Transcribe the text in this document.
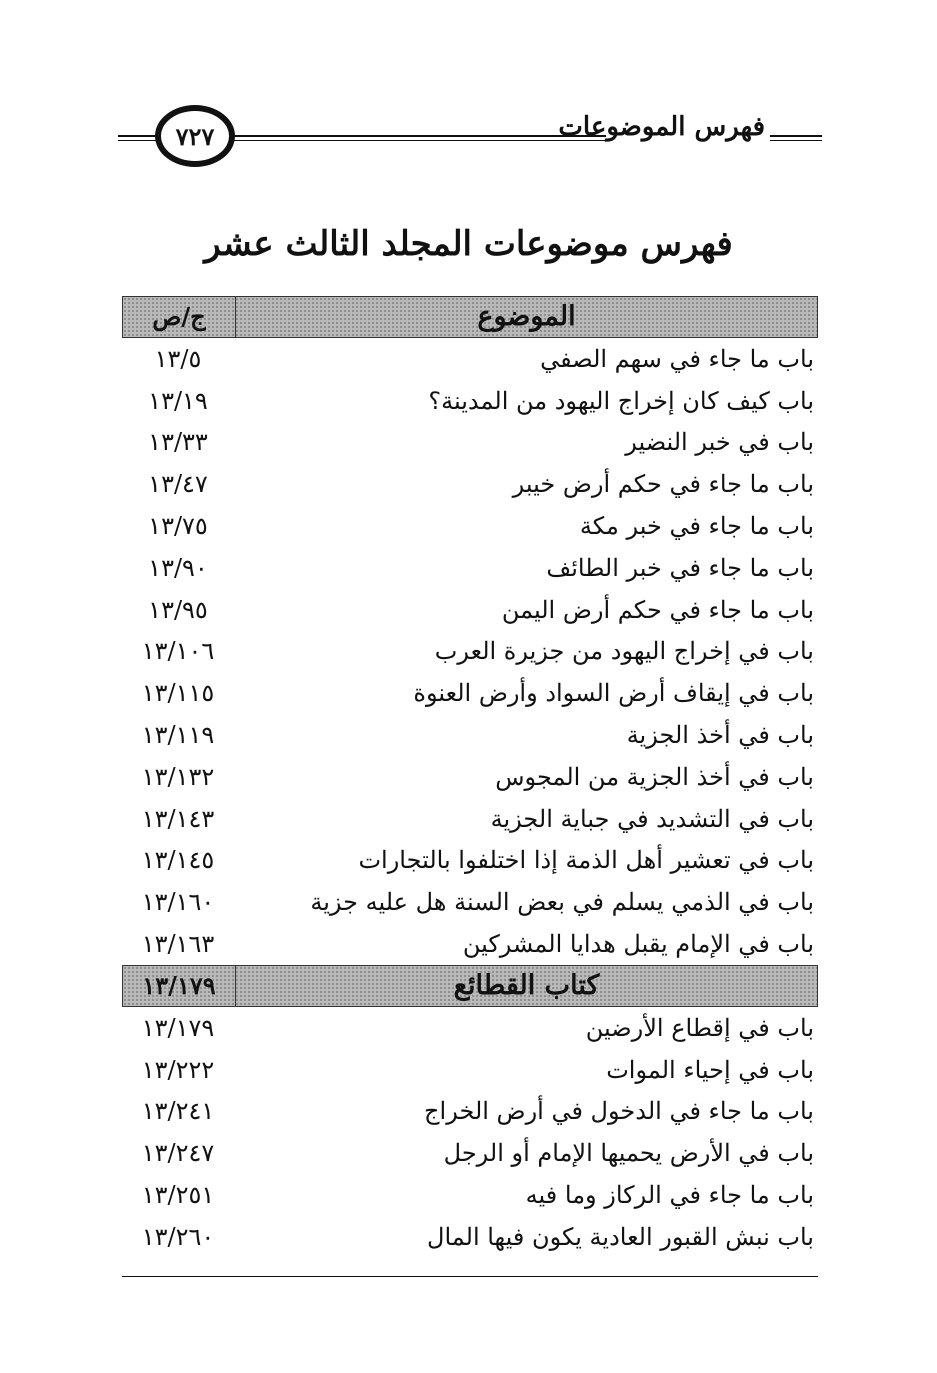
فهرس الموضوعات
٧٢٧
فهرس موضوعات المجلد الثالث عشر
الموضوع
ج/ص
باب ما جاء في سهم الصفي
١٣/٥
باب كيف كان إخراج اليهود من المدينة؟
١٣/١٩
باب في خبر النضير
١٣/٣٣
باب ما جاء في حكم أرض خيبر
١٣/٤٧
باب ما جاء في خبر مكة
١٣/٧٥
باب ما جاء في خبر الطائف
١٣/٩٠
باب ما جاء في حكم أرض اليمن
١٣/٩٥
باب في إخراج اليهود من جزيرة العرب
١٣/١٠٦
باب في إيقاف أرض السواد وأرض العنوة
١٣/١١٥
باب في أخذ الجزية
١٣/١١٩
باب في أخذ الجزية من المجوس
١٣/١٣٢
باب في التشديد في جباية الجزية
١٣/١٤٣
باب في تعشير أهل الذمة إذا اختلفوا بالتجارات
١٣/١٤٥
باب في الذمي يسلم في بعض السنة هل عليه جزية
١٣/١٦٠
باب في الإمام يقبل هدايا المشركين
١٣/١٦٣
كتاب القطائع
١٣/١٧٩
باب في إقطاع الأرضين
١٣/١٧٩
باب في إحياء الموات
١٣/٢٢٢
باب ما جاء في الدخول في أرض الخراج
١٣/٢٤١
باب في الأرض يحميها الإمام أو الرجل
١٣/٢٤٧
باب ما جاء في الركاز وما فيه
١٣/٢٥١
باب نبش القبور العادية يكون فيها المال
١٣/٢٦٠
